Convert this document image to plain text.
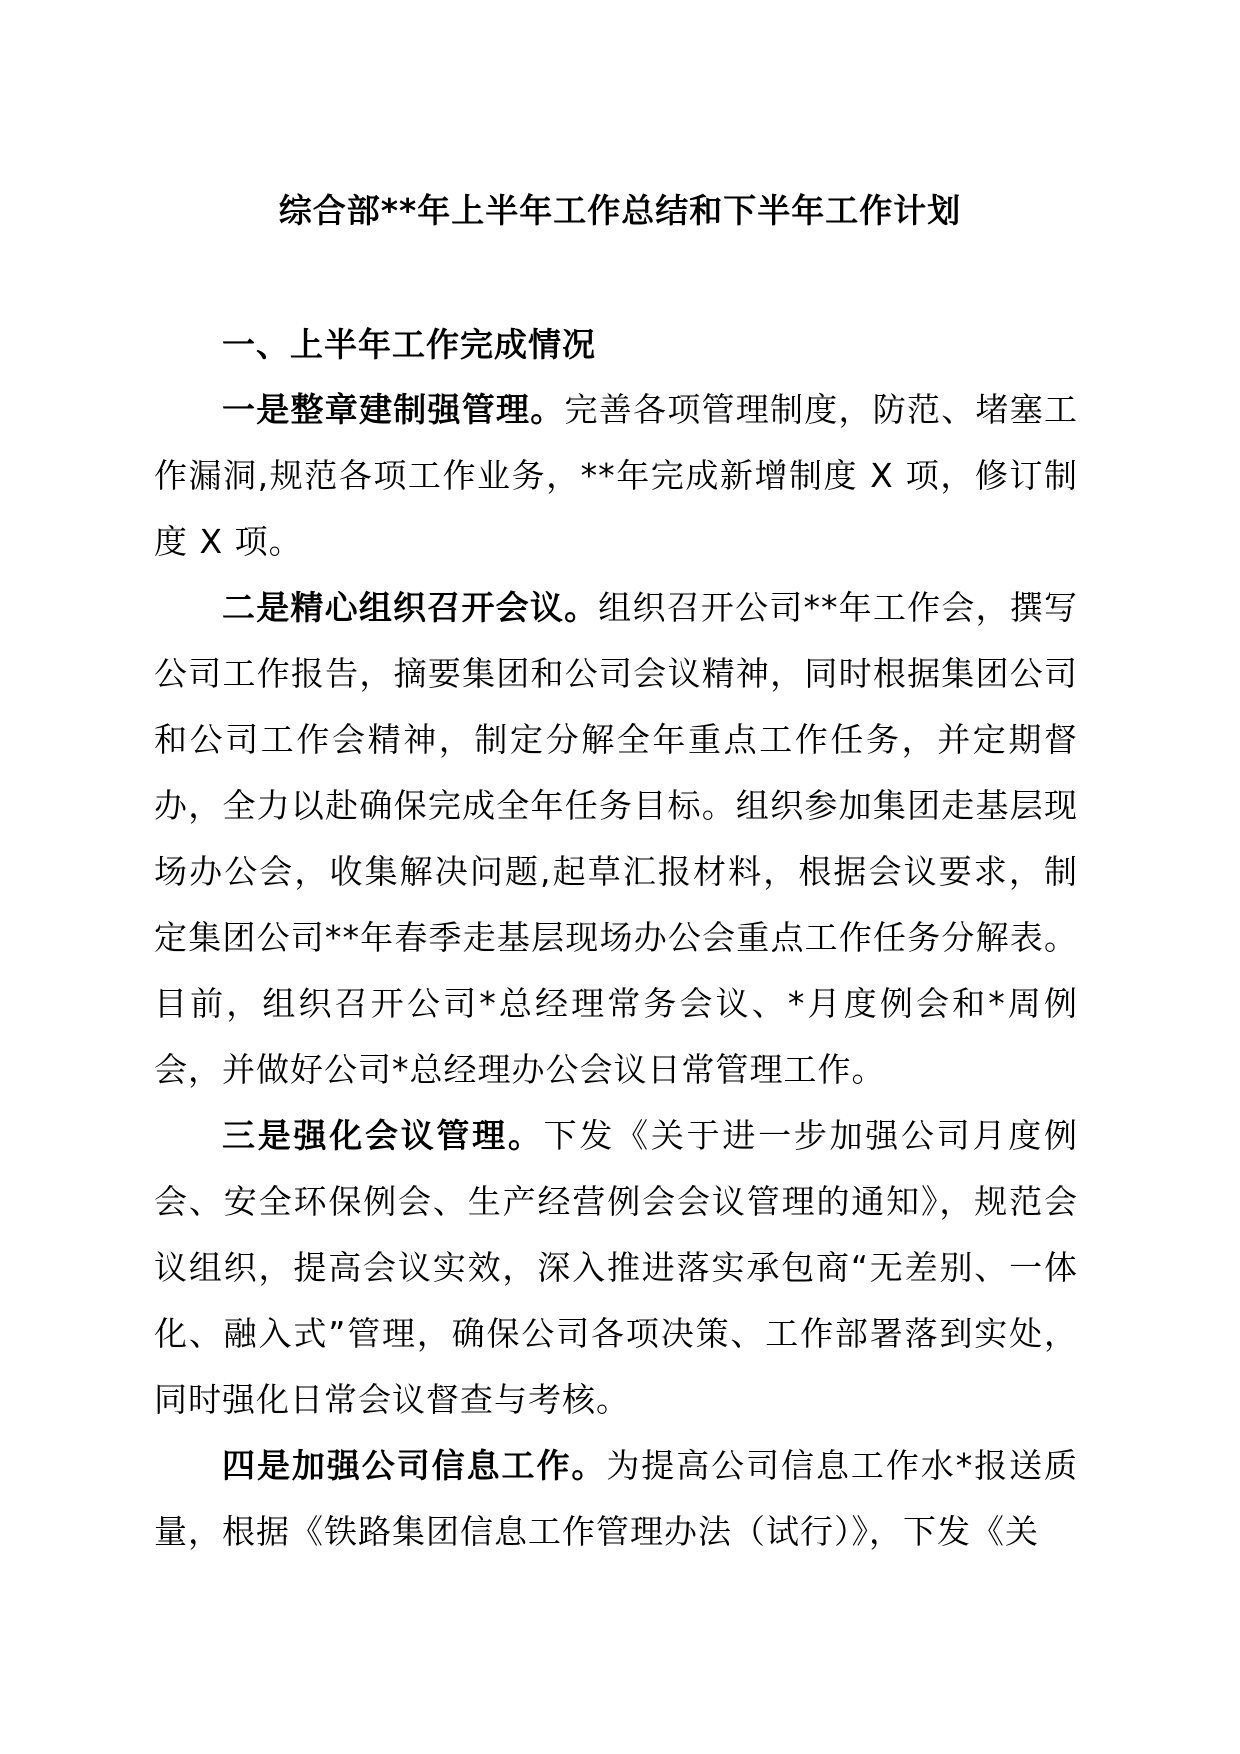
综合部**年上半年工作总结和下半年工作计划
一、上半年工作完成情况

一是整章建制强管理。完善各项管理制度，防范、堵塞工作漏洞,规范各项工作业务，**年完成新增制度 X 项，修订制度 X 项。

二是精心组织召开会议。组织召开公司**年工作会，撰写公司工作报告，摘要集团和公司会议精神，同时根据集团公司和公司工作会精神，制定分解全年重点工作任务，并定期督办，全力以赴确保完成全年任务目标。组织参加集团走基层现场办公会，收集解决问题,起草汇报材料，根据会议要求，制定集团公司**年春季走基层现场办公会重点工作任务分解表。目前，组织召开公司*总经理常务会议、*月度例会和*周例会，并做好公司*总经理办公会议日常管理工作。

三是强化会议管理。下发《关于进一步加强公司月度例会、安全环保例会、生产经营例会会议管理的通知》，规范会议组织，提高会议实效，深入推进落实承包商“无差别、一体化、融入式”管理，确保公司各项决策、工作部署落到实处，同时强化日常会议督查与考核。

四是加强公司信息工作。为提高公司信息工作水*报送质量，根据《铁路集团信息工作管理办法（试行）》，下发《关
